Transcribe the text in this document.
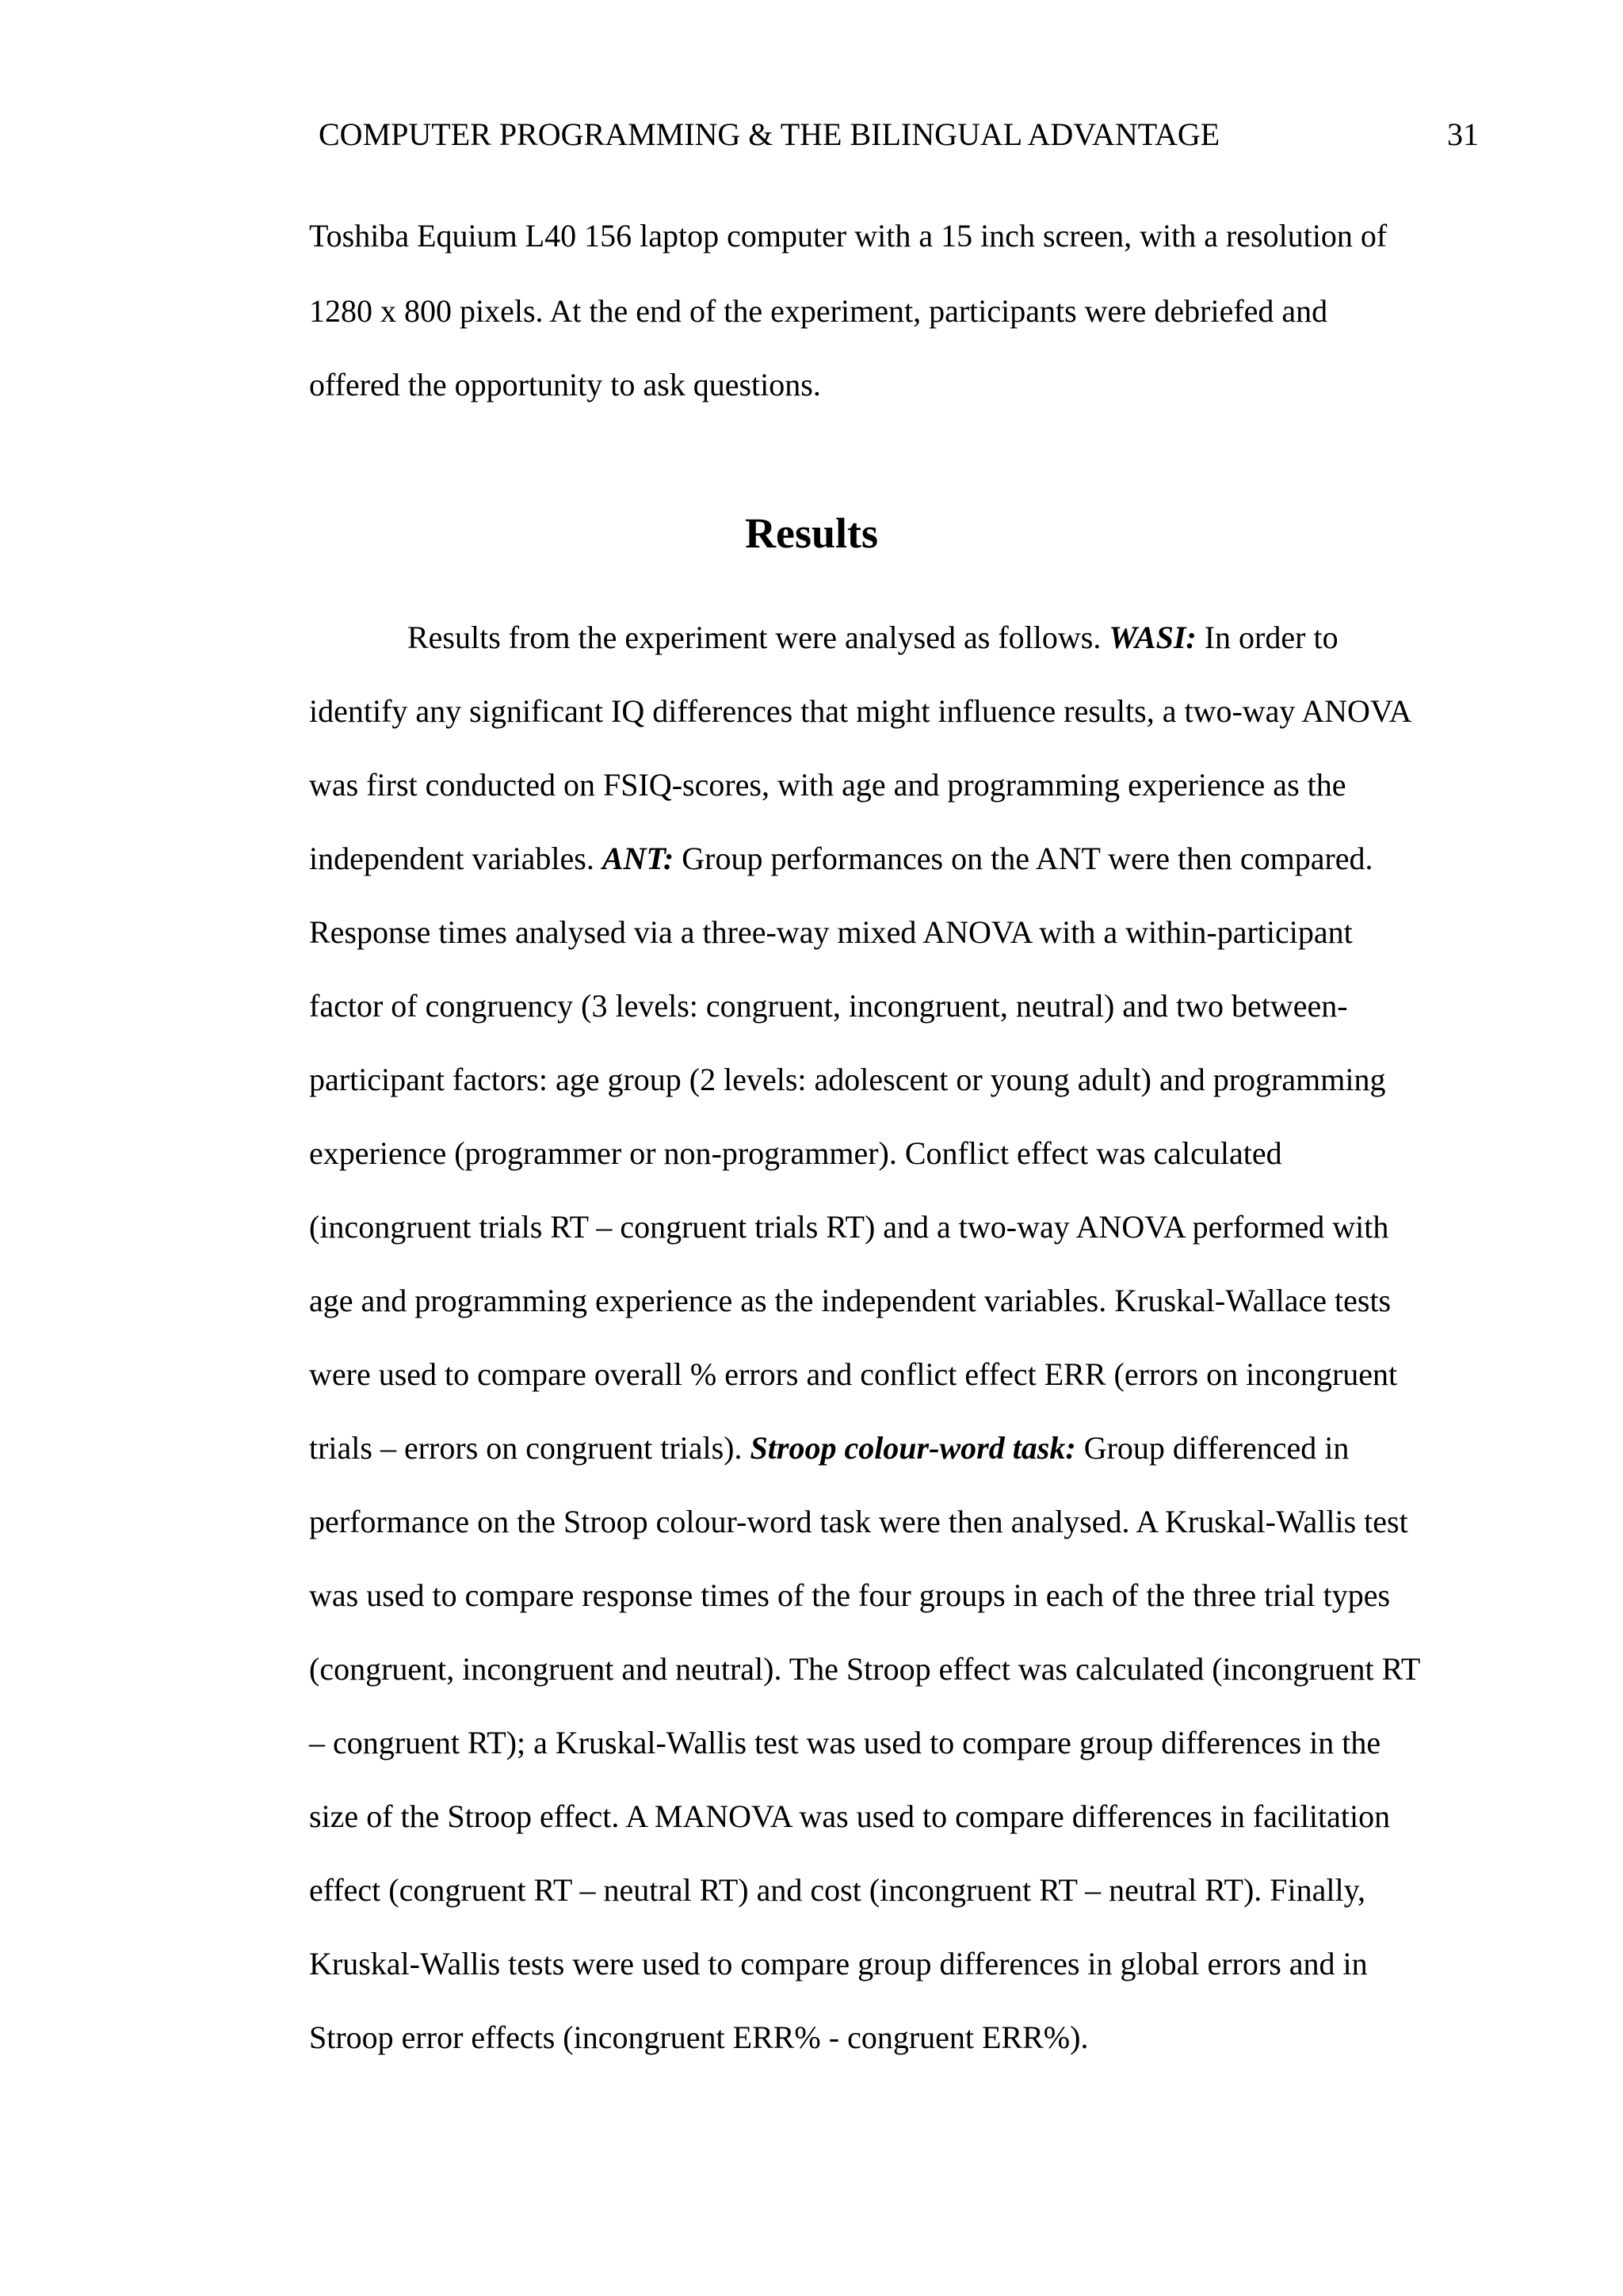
COMPUTER PROGRAMMING & THE BILINGUAL ADVANTAGE	31
Toshiba Equium L40 156 laptop computer with a 15 inch screen, with a resolution of
1280 x 800 pixels. At the end of the experiment, participants were debriefed and
offered the opportunity to ask questions.
Results
Results from the experiment were analysed as follows. WASI: In order to
identify any significant IQ differences that might influence results, a two-way ANOVA
was first conducted on FSIQ-scores, with age and programming experience as the
independent variables. ANT: Group performances on the ANT were then compared.
Response times analysed via a three-way mixed ANOVA with a within-participant
factor of congruency (3 levels: congruent, incongruent, neutral) and two between-
participant factors: age group (2 levels: adolescent or young adult) and programming
experience (programmer or non-programmer). Conflict effect was calculated
(incongruent trials RT – congruent trials RT) and a two-way ANOVA performed with
age and programming experience as the independent variables. Kruskal-Wallace tests
were used to compare overall % errors and conflict effect ERR (errors on incongruent
trials – errors on congruent trials). Stroop colour-word task: Group differenced in
performance on the Stroop colour-word task were then analysed. A Kruskal-Wallis test
was used to compare response times of the four groups in each of the three trial types
(congruent, incongruent and neutral). The Stroop effect was calculated (incongruent RT
– congruent RT); a Kruskal-Wallis test was used to compare group differences in the
size of the Stroop effect. A MANOVA was used to compare differences in facilitation
effect (congruent RT – neutral RT) and cost (incongruent RT – neutral RT). Finally,
Kruskal-Wallis tests were used to compare group differences in global errors and in
Stroop error effects (incongruent ERR% - congruent ERR%).
